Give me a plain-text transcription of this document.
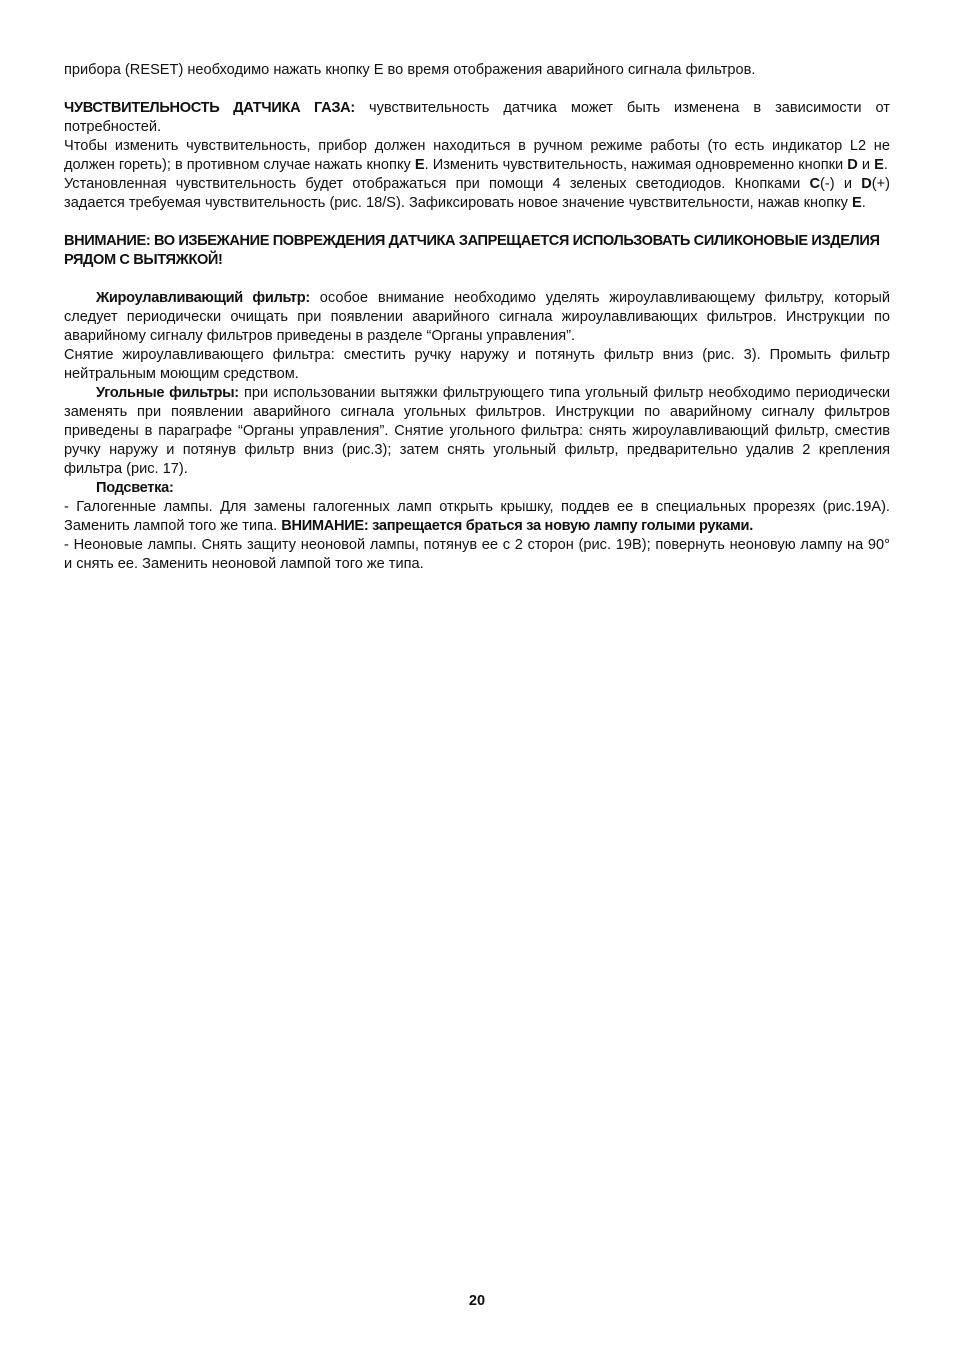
прибора (RESET) необходимо нажать кнопку E во время отображения аварийного сигнала фильтров.

ЧУВСТВИТЕЛЬНОСТЬ ДАТЧИКА ГАЗА: чувствительность датчика может быть изменена в зависимости от потребностей.

Чтобы изменить чувствительность, прибор должен находиться в ручном режиме работы (то есть индикатор L2 не должен гореть); в противном случае нажать кнопку E. Изменить чувствительность, нажимая одновременно кнопки D и E.

Установленная чувствительность будет отображаться при помощи 4 зеленых светодиодов. Кнопками C(-) и D(+) задается требуемая чувствительность (рис. 18/S). Зафиксировать новое значение чувствительности, нажав кнопку E.

ВНИМАНИЕ: ВО ИЗБЕЖАНИЕ ПОВРЕЖДЕНИЯ ДАТЧИКА ЗАПРЕЩАЕТСЯ ИСПОЛЬЗОВАТЬ СИЛИКОНОВЫЕ ИЗДЕЛИЯ РЯДОМ С ВЫТЯЖКОЙ!

Жироулавливающий фильтр: особое внимание необходимо уделять жироулавливающему фильтру, который следует периодически очищать при появлении аварийного сигнала жироулавливающих фильтров. Инструкции по аварийному сигналу фильтров приведены в разделе “Органы управления”.

Снятие жироулавливающего фильтра: сместить ручку наружу и потянуть фильтр вниз (рис. 3). Промыть фильтр нейтральным моющим средством.

Угольные фильтры: при использовании вытяжки фильтрующего типа угольный фильтр необходимо периодически заменять при появлении аварийного сигнала угольных фильтров. Инструкции по аварийному сигналу фильтров приведены в параграфе “Органы управления”. Снятие угольного фильтра: снять жироулавливающий фильтр, сместив ручку наружу и потянув фильтр вниз (рис.3); затем снять угольный фильтр, предварительно удалив 2 крепления фильтра (рис. 17).

Подсветка:

- Галогенные лампы. Для замены галогенных ламп открыть крышку, поддев ее в специальных прорезях (рис.19A). Заменить лампой того же типа. ВНИМАНИЕ: запрещается браться за новую лампу голыми руками.

- Неоновые лампы. Снять защиту неоновой лампы, потянув ее с 2 сторон (рис. 19B); повернуть неоновую лампу на 90° и снять ее. Заменить неоновой лампой того же типа.

20
